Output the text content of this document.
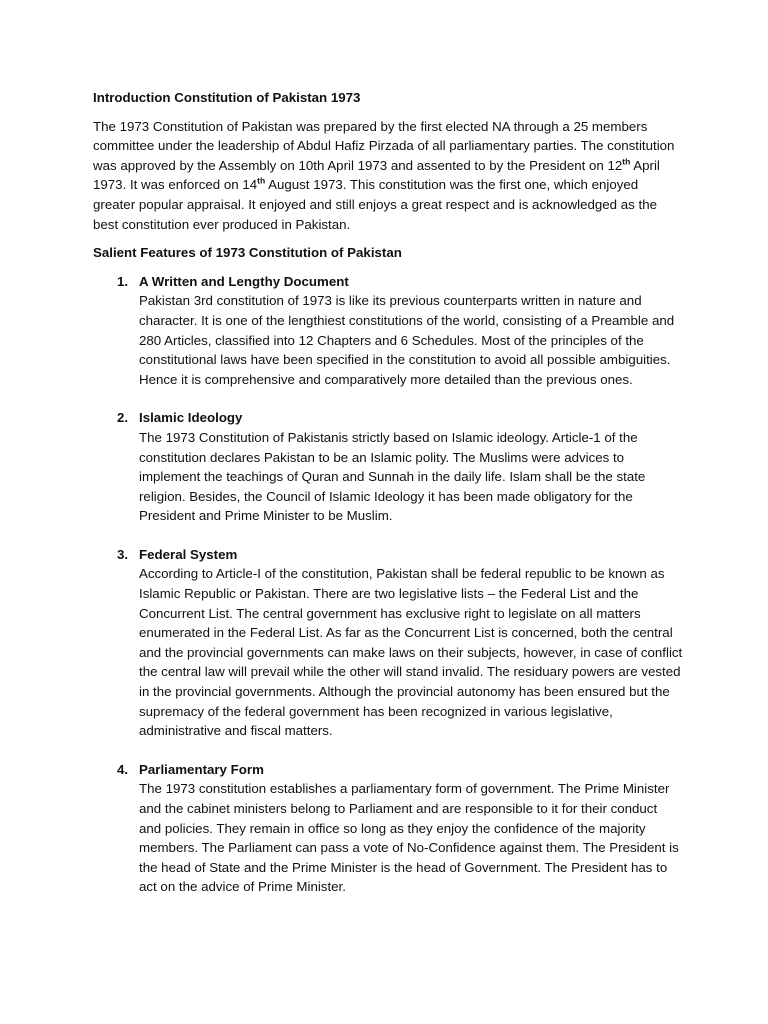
Introduction Constitution of Pakistan 1973

The 1973 Constitution of Pakistan was prepared by the first elected NA through a 25 members committee under the leadership of Abdul Hafiz Pirzada of all parliamentary parties. The constitution was approved by the Assembly on 10th April 1973 and assented to by the President on 12th April 1973. It was enforced on 14th August 1973. This constitution was the first one, which enjoyed greater popular appraisal. It enjoyed and still enjoys a great respect and is acknowledged as the best constitution ever produced in Pakistan.

Salient Features of 1973 Constitution of Pakistan
1. A Written and Lengthy Document
Pakistan 3rd constitution of 1973 is like its previous counterparts written in nature and character. It is one of the lengthiest constitutions of the world, consisting of a Preamble and 280 Articles, classified into 12 Chapters and 6 Schedules. Most of the principles of the constitutional laws have been specified in the constitution to avoid all possible ambiguities. Hence it is comprehensive and comparatively more detailed than the previous ones.
2. Islamic Ideology
The 1973 Constitution of Pakistanis strictly based on Islamic ideology. Article-1 of the constitution declares Pakistan to be an Islamic polity. The Muslims were advices to implement the teachings of Quran and Sunnah in the daily life. Islam shall be the state religion. Besides, the Council of Islamic Ideology it has been made obligatory for the President and Prime Minister to be Muslim.
3. Federal System
According to Article-I of the constitution, Pakistan shall be federal republic to be known as Islamic Republic or Pakistan. There are two legislative lists – the Federal List and the Concurrent List. The central government has exclusive right to legislate on all matters enumerated in the Federal List. As far as the Concurrent List is concerned, both the central and the provincial governments can make laws on their subjects, however, in case of conflict the central law will prevail while the other will stand invalid. The residuary powers are vested in the provincial governments. Although the provincial autonomy has been ensured but the supremacy of the federal government has been recognized in various legislative, administrative and fiscal matters.
4. Parliamentary Form
The 1973 constitution establishes a parliamentary form of government. The Prime Minister and the cabinet ministers belong to Parliament and are responsible to it for their conduct and policies. They remain in office so long as they enjoy the confidence of the majority members. The Parliament can pass a vote of No-Confidence against them. The President is the head of State and the Prime Minister is the head of Government. The President has to act on the advice of Prime Minister.
